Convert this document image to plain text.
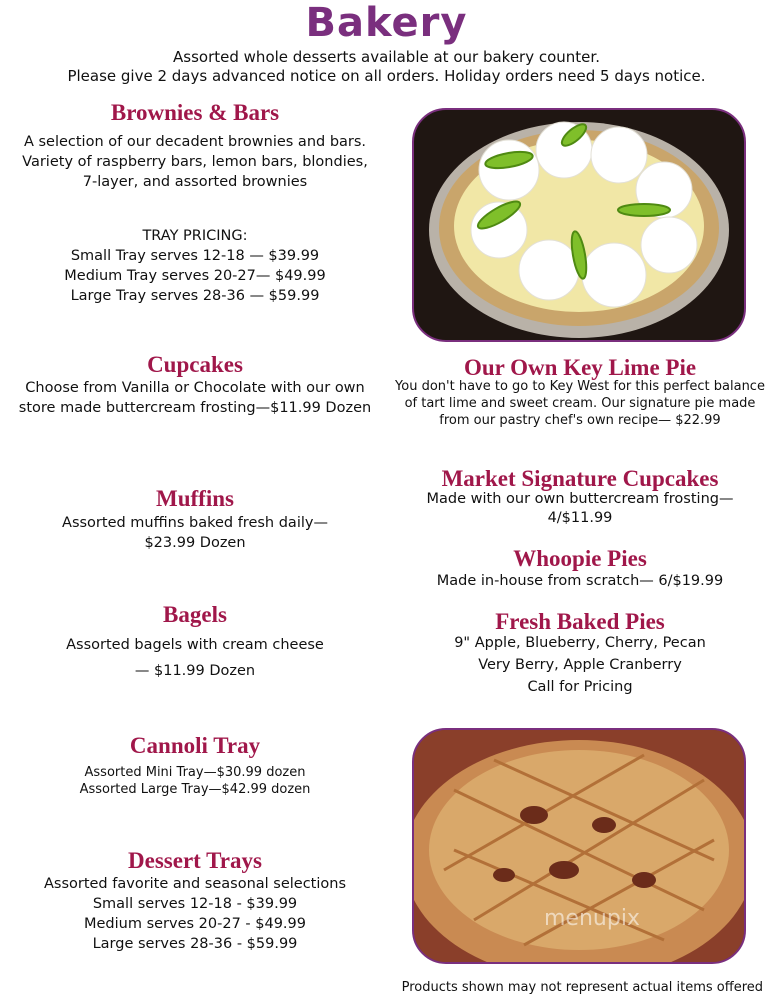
Bakery
Assorted whole desserts available at our bakery counter.
Please give 2 days advanced notice on all orders. Holiday orders need 5 days notice.
Brownies & Bars
A selection of our decadent brownies and bars. Variety of raspberry bars, lemon bars, blondies, 7-layer, and assorted brownies
TRAY PRICING:
Small Tray serves 12-18 — $39.99
Medium Tray serves 20-27— $49.99
Large Tray serves 28-36 — $59.99
Cupcakes
Choose from Vanilla or Chocolate with our own store made buttercream frosting—$11.99 Dozen
Our Own Key Lime Pie
You don't have to go to Key West for this perfect balance of tart lime and sweet cream. Our signature pie made from our pastry chef's own recipe— $22.99
Market Signature Cupcakes
Made with our own buttercream frosting—
4/$11.99
Muffins
Assorted muffins baked fresh daily—
$23.99 Dozen
Whoopie Pies
Made in-house from scratch— 6/$19.99
Bagels
Assorted bagels with cream cheese
— $11.99 Dozen
Fresh Baked Pies
9" Apple, Blueberry, Cherry, Pecan
Very Berry, Apple Cranberry
Call for Pricing
Cannoli Tray
Assorted Mini Tray—$30.99 dozen
Assorted Large Tray—$42.99 dozen
menupix
Dessert Trays
Assorted favorite and seasonal selections
Small serves 12-18 - $39.99
Medium serves 20-27 - $49.99
Large serves 28-36 - $59.99
Products shown may not represent actual items offered
